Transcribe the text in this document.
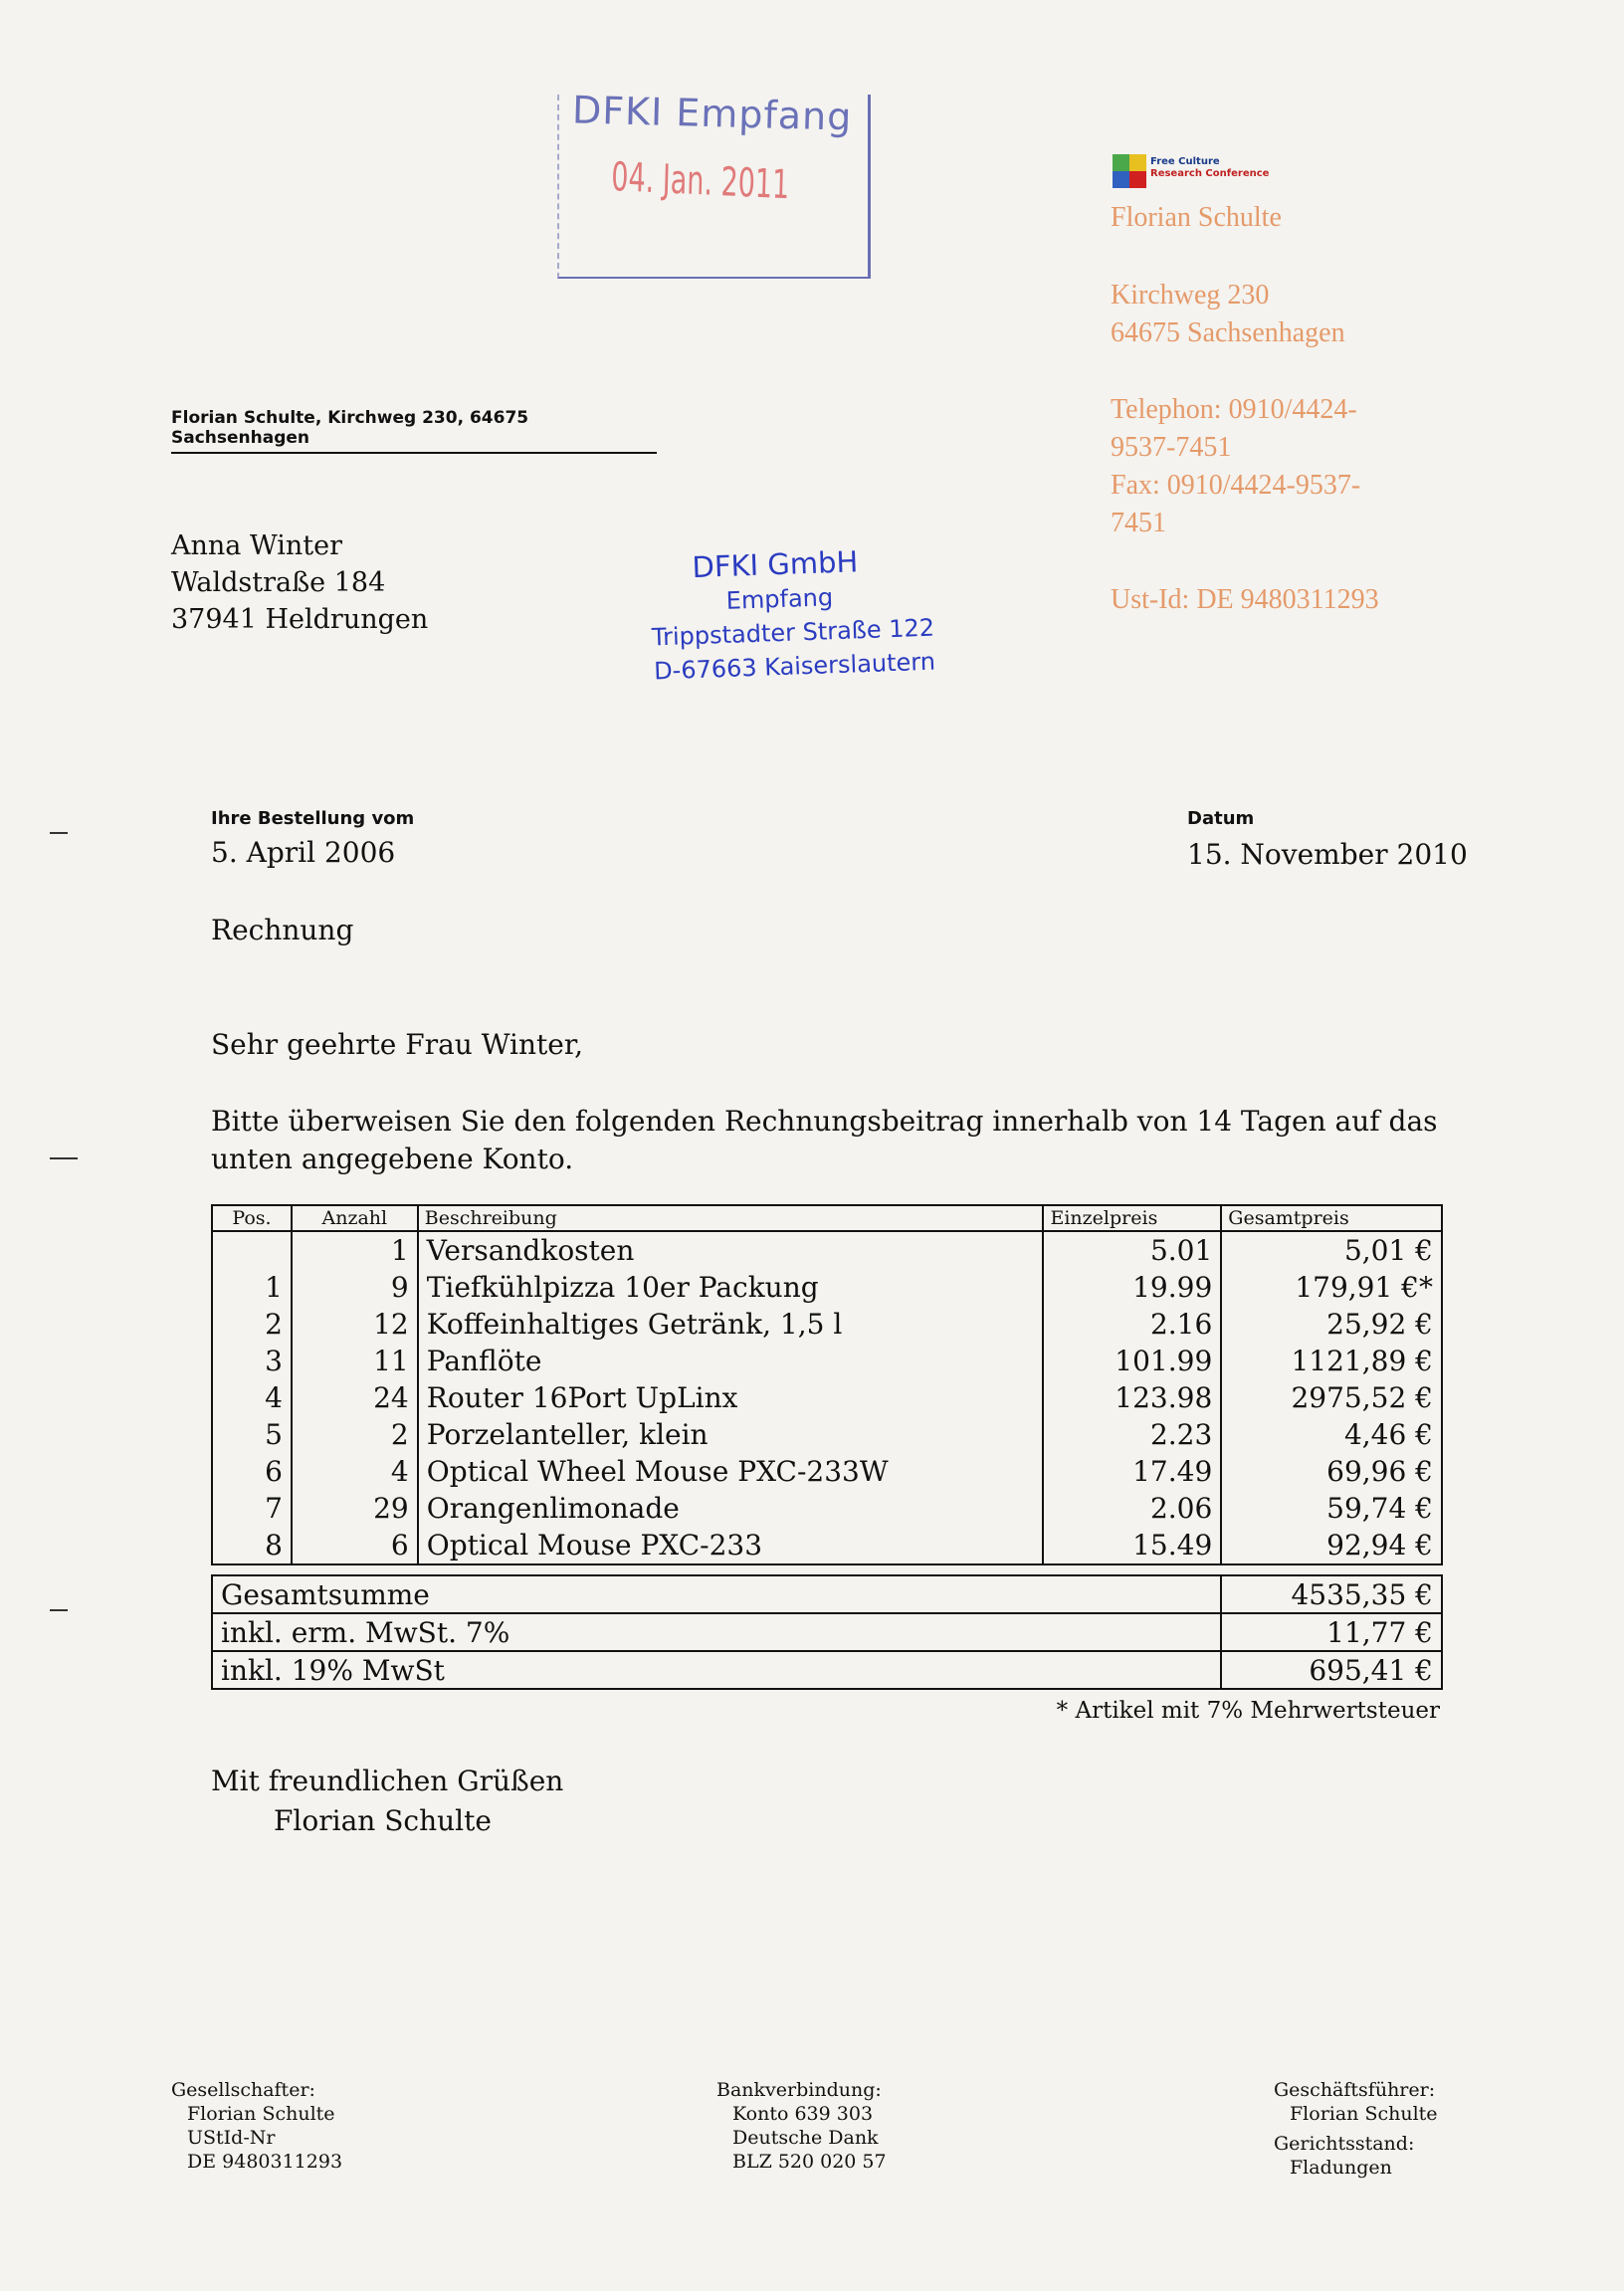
DFKI Empfang
04. Jan. 2011	Free Culture
Research Conference
Florian Schulte
Kirchweg 230
64675 Sachsenhagen
Telephon: 0910/4424-
9537-7451
Fax: 0910/4424-9537-
7451
Ust-Id: DE 9480311293
Florian Schulte, Kirchweg 230, 64675 Sachsenhagen
Anna Winter
Waldstraße 184
37941 Heldrungen
DFKI GmbH
Empfang
Trippstadter Straße 122
D-67663 Kaiserslautern
Ihre Bestellung vom
5. April 2006
Datum
15. November 2010
Rechnung
Sehr geehrte Frau Winter,
Bitte überweisen Sie den folgenden Rechnungsbeitrag innerhalb von 14 Tagen auf das
unten angegebene Konto.
Pos.	Anzahl	Beschreibung	Einzelpreis	Gesamtpreis
	1	Versandkosten	5.01	5,01 €
1	9	Tiefkühlpizza 10er Packung	19.99	179,91 €*
2	12	Koffeinhaltiges Getränk, 1,5 l	2.16	25,92 €
3	11	Panflöte	101.99	1121,89 €
4	24	Router 16Port UpLinx	123.98	2975,52 €
5	2	Porzelanteller, klein	2.23	4,46 €
6	4	Optical Wheel Mouse PXC-233W	17.49	69,96 €
7	29	Orangenlimonade	2.06	59,74 €
8	6	Optical Mouse PXC-233	15.49	92,94 €
Gesamtsumme	4535,35 €
inkl. erm. MwSt. 7%	11,77 €
inkl. 19% MwSt	695,41 €
* Artikel mit 7% Mehrwertsteuer
Mit freundlichen Grüßen
Florian Schulte
Gesellschafter:
Florian Schulte
UStId-Nr
DE 9480311293
Bankverbindung:
Konto 639 303
Deutsche Dank
BLZ 520 020 57
Geschäftsführer:
Florian Schulte
Gerichtsstand:
Fladungen
